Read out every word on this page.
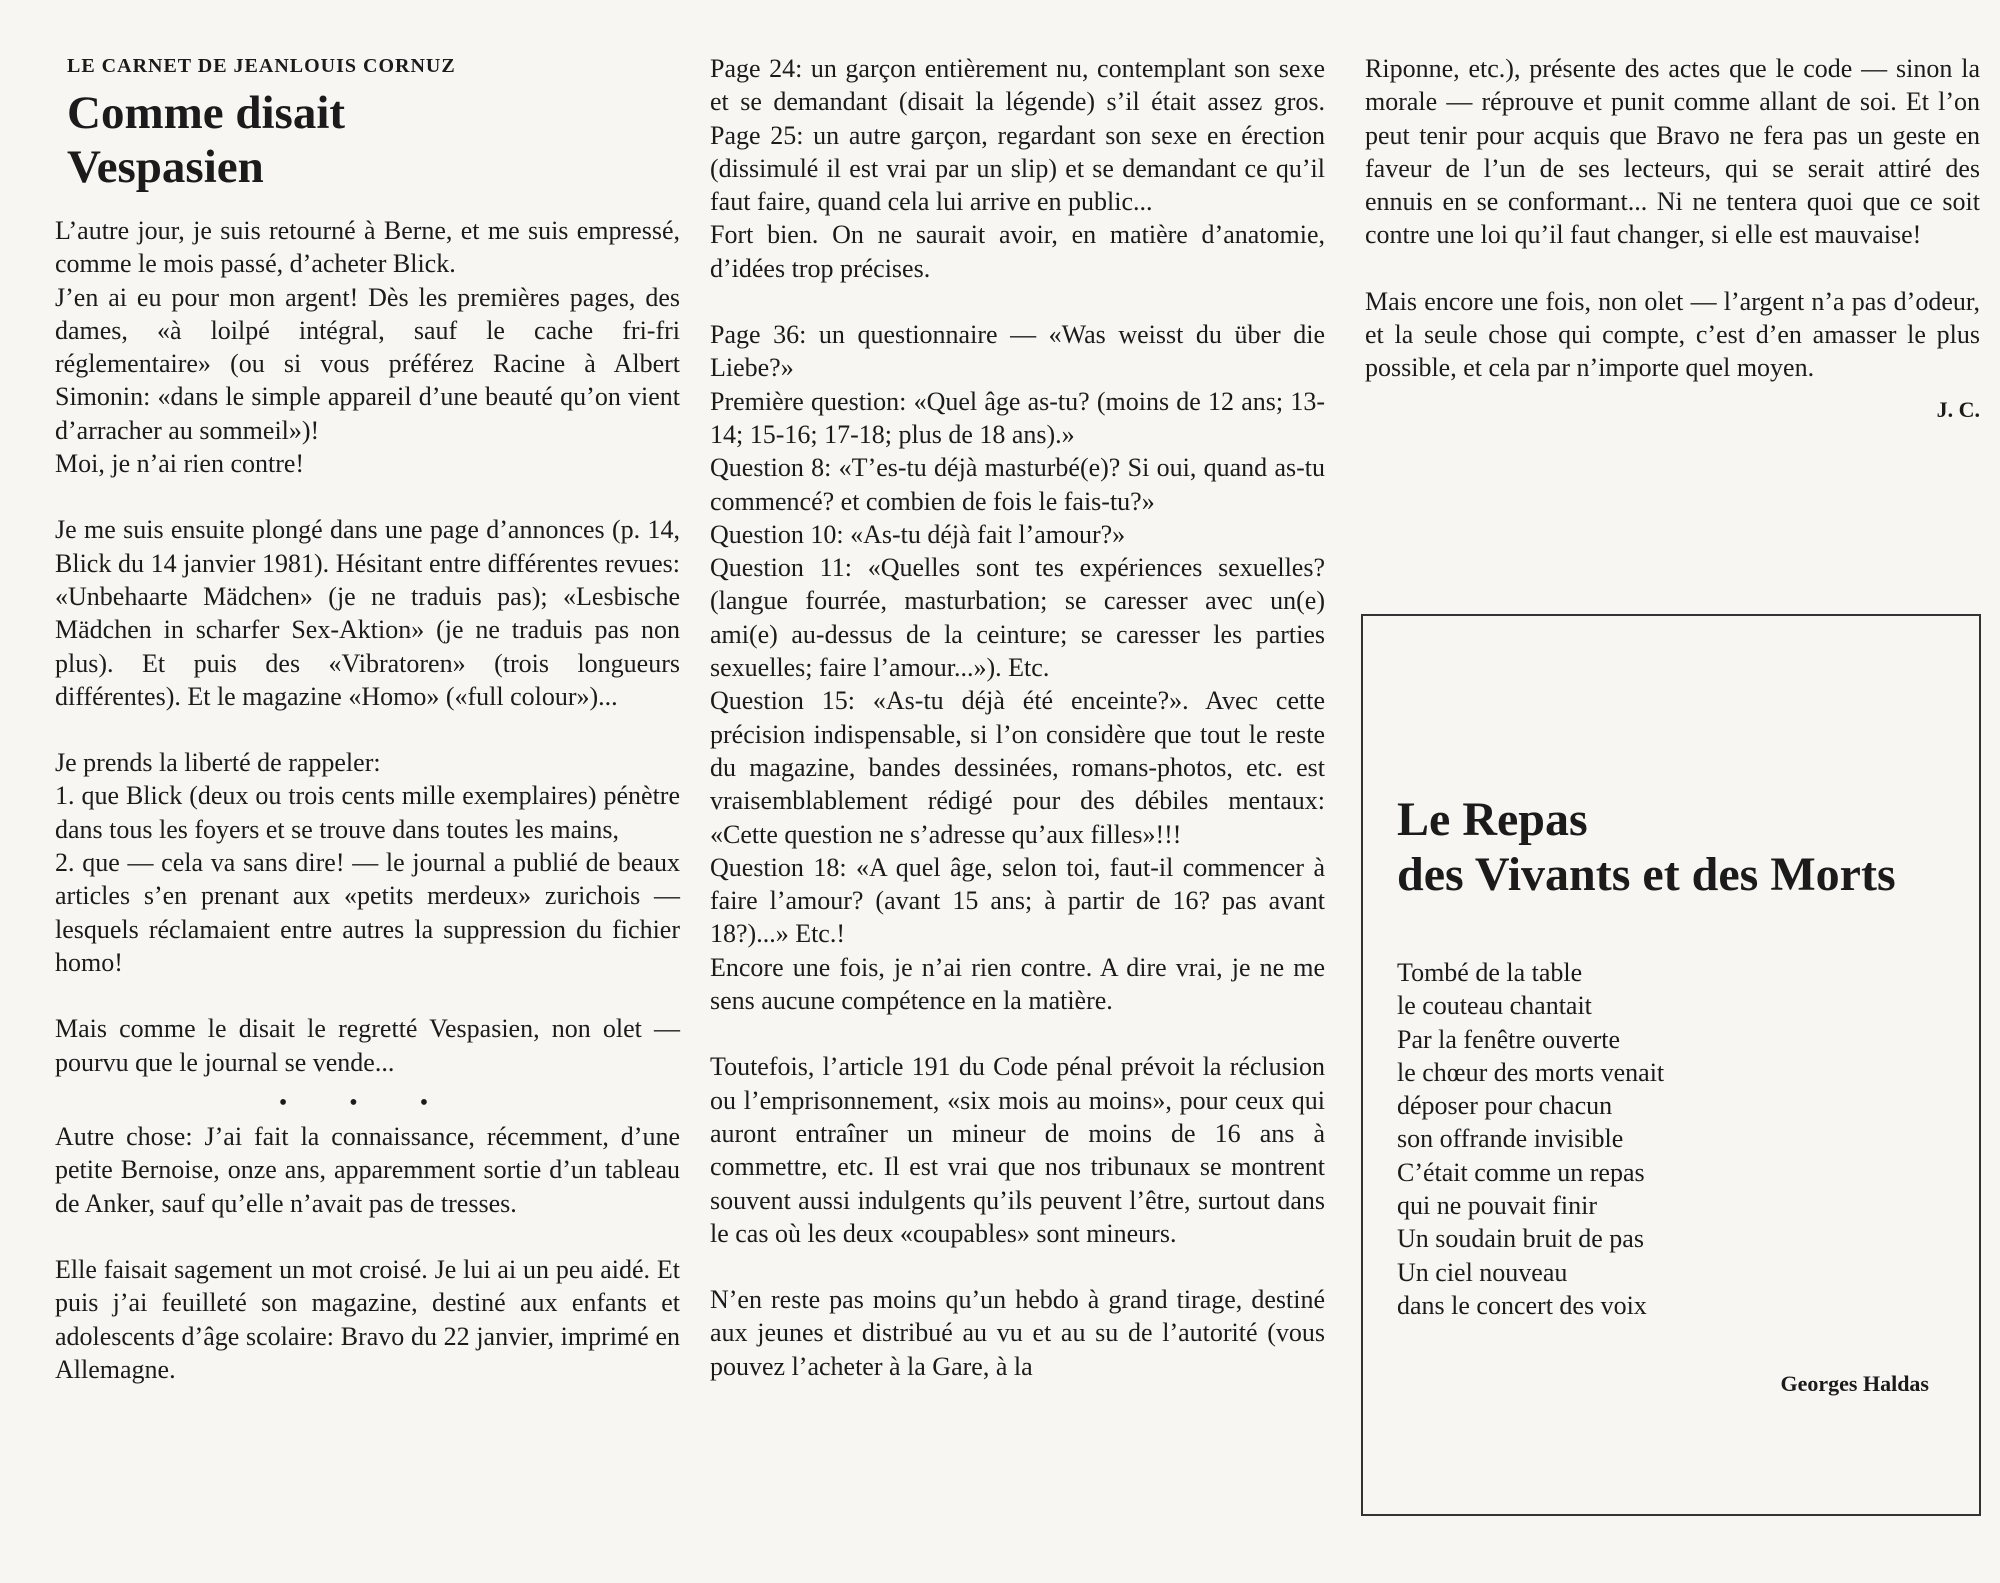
LE CARNET DE JEANLOUIS CORNUZ
Comme disait
Vespasien

L’autre jour, je suis retourné à Berne, et me suis empressé, comme le mois passé, d’acheter Blick.

J’en ai eu pour mon argent! Dès les premières pages, des dames, «à loilpé intégral, sauf le cache fri-fri réglementaire» (ou si vous préférez Racine à Albert Simonin: «dans le simple appareil d’une beauté qu’on vient d’arracher au sommeil»)!

Moi, je n’ai rien contre!

Je me suis ensuite plongé dans une page d’annonces (p. 14, Blick du 14 janvier 1981). Hésitant entre différentes revues: «Unbehaarte Mädchen» (je ne traduis pas); «Lesbische Mädchen in scharfer Sex-Aktion» (je ne traduis pas non plus). Et puis des «Vibratoren» (trois longueurs différentes). Et le magazine «Homo» («full colour»)...

Je prends la liberté de rappeler:

1. que Blick (deux ou trois cents mille exemplaires) pénètre dans tous les foyers et se trouve dans toutes les mains,

2. que — cela va sans dire! — le journal a publié de beaux articles s’en prenant aux «petits merdeux» zurichois — lesquels réclamaient entre autres la suppression du fichier homo!

Mais comme le disait le regretté Vespasien, non olet — pourvu que le journal se vende...

• • •

Autre chose: J’ai fait la connaissance, récemment, d’une petite Bernoise, onze ans, apparemment sortie d’un tableau de Anker, sauf qu’elle n’avait pas de tresses.

Elle faisait sagement un mot croisé. Je lui ai un peu aidé. Et puis j’ai feuilleté son magazine, destiné aux enfants et adolescents d’âge scolaire: Bravo du 22 janvier, imprimé en Allemagne.

Page 24: un garçon entièrement nu, contemplant son sexe et se demandant (disait la légende) s’il était assez gros. Page 25: un autre garçon, regardant son sexe en érection (dissimulé il est vrai par un slip) et se demandant ce qu’il faut faire, quand cela lui arrive en public...

Fort bien. On ne saurait avoir, en matière d’anatomie, d’idées trop précises.

Page 36: un questionnaire — «Was weisst du über die Liebe?»

Première question: «Quel âge as-tu? (moins de 12 ans; 13-14; 15-16; 17-18; plus de 18 ans).»

Question 8: «T’es-tu déjà masturbé(e)? Si oui, quand as-tu commencé? et combien de fois le fais-tu?»

Question 10: «As-tu déjà fait l’amour?»

Question 11: «Quelles sont tes expériences sexuelles? (langue fourrée, masturbation; se caresser avec un(e) ami(e) au-dessus de la ceinture; se caresser les parties sexuelles; faire l’amour...»). Etc.

Question 15: «As-tu déjà été enceinte?». Avec cette précision indispensable, si l’on considère que tout le reste du magazine, bandes dessinées, romans-photos, etc. est vraisemblablement rédigé pour des débiles mentaux: «Cette question ne s’adresse qu’aux filles»!!!

Question 18: «A quel âge, selon toi, faut-il commencer à faire l’amour? (avant 15 ans; à partir de 16? pas avant 18?)...» Etc.!

Encore une fois, je n’ai rien contre. A dire vrai, je ne me sens aucune compétence en la matière.

Toutefois, l’article 191 du Code pénal prévoit la réclusion ou l’emprisonnement, «six mois au moins», pour ceux qui auront entraîner un mineur de moins de 16 ans à commettre, etc. Il est vrai que nos tribunaux se montrent souvent aussi indulgents qu’ils peuvent l’être, surtout dans le cas où les deux «coupables» sont mineurs.

N’en reste pas moins qu’un hebdo à grand tirage, destiné aux jeunes et distribué au vu et au su de l’autorité (vous pouvez l’acheter à la Gare, à la

Riponne, etc.), présente des actes que le code — sinon la morale — réprouve et punit comme allant de soi. Et l’on peut tenir pour acquis que Bravo ne fera pas un geste en faveur de l’un de ses lecteurs, qui se serait attiré des ennuis en se conformant... Ni ne tentera quoi que ce soit contre une loi qu’il faut changer, si elle est mauvaise!

Mais encore une fois, non olet — l’argent n’a pas d’odeur, et la seule chose qui compte, c’est d’en amasser le plus possible, et cela par n’importe quel moyen.

J. C.
Le Repas
des Vivants et des Morts
Tombé de la table
le couteau chantait
Par la fenêtre ouverte
le chœur des morts venait
déposer pour chacun
son offrande invisible
C’était comme un repas
qui ne pouvait finir
Un soudain bruit de pas
Un ciel nouveau
dans le concert des voix
Georges Haldas
